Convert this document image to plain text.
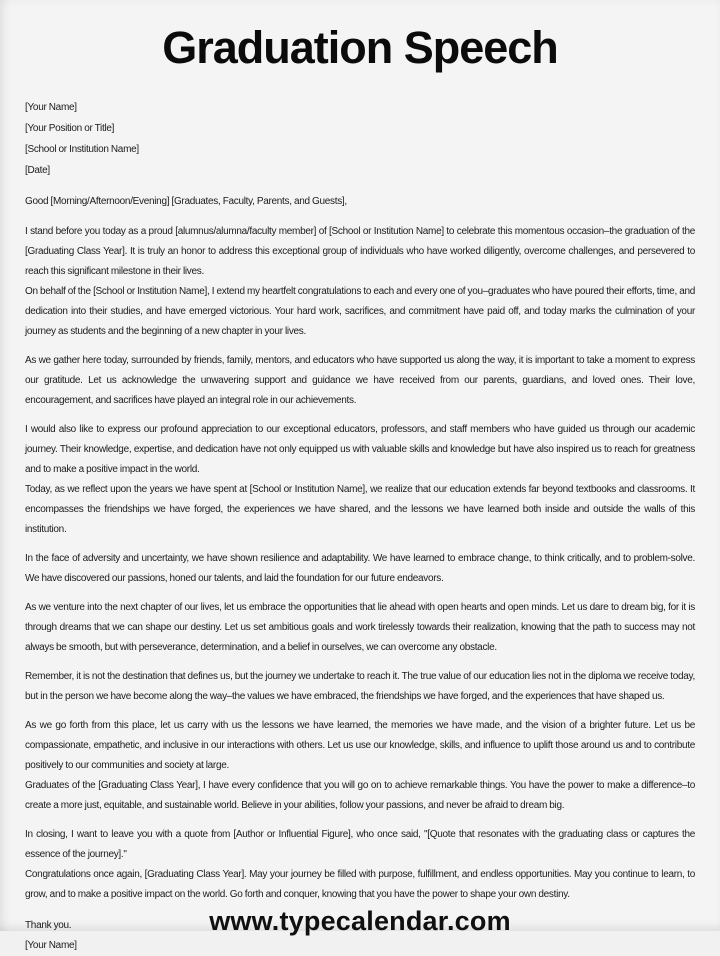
Graduation Speech

[Your Name]

[Your Position or Title]

[School or Institution Name]

[Date]

Good [Morning/Afternoon/Evening] [Graduates, Faculty, Parents, and Guests],

I stand before you today as a proud [alumnus/alumna/faculty member] of [School or Institution Name] to celebrate this momentous occasion–the graduation of the [Graduating Class Year]. It is truly an honor to address this exceptional group of individuals who have worked diligently, overcome challenges, and persevered to reach this significant milestone in their lives.

On behalf of the [School or Institution Name], I extend my heartfelt congratulations to each and every one of you–graduates who have poured their efforts, time, and dedication into their studies, and have emerged victorious. Your hard work, sacrifices, and commitment have paid off, and today marks the culmination of your journey as students and the beginning of a new chapter in your lives.

As we gather here today, surrounded by friends, family, mentors, and educators who have supported us along the way, it is important to take a moment to express our gratitude. Let us acknowledge the unwavering support and guidance we have received from our parents, guardians, and loved ones. Their love, encouragement, and sacrifices have played an integral role in our achievements.

I would also like to express our profound appreciation to our exceptional educators, professors, and staff members who have guided us through our academic journey. Their knowledge, expertise, and dedication have not only equipped us with valuable skills and knowledge but have also inspired us to reach for greatness and to make a positive impact in the world.

Today, as we reflect upon the years we have spent at [School or Institution Name], we realize that our education extends far beyond textbooks and classrooms. It encompasses the friendships we have forged, the experiences we have shared, and the lessons we have learned both inside and outside the walls of this institution.

In the face of adversity and uncertainty, we have shown resilience and adaptability. We have learned to embrace change, to think critically, and to problem-solve. We have discovered our passions, honed our talents, and laid the foundation for our future endeavors.

As we venture into the next chapter of our lives, let us embrace the opportunities that lie ahead with open hearts and open minds. Let us dare to dream big, for it is through dreams that we can shape our destiny. Let us set ambitious goals and work tirelessly towards their realization, knowing that the path to success may not always be smooth, but with perseverance, determination, and a belief in ourselves, we can overcome any obstacle.

Remember, it is not the destination that defines us, but the journey we undertake to reach it. The true value of our education lies not in the diploma we receive today, but in the person we have become along the way–the values we have embraced, the friendships we have forged, and the experiences that have shaped us.

As we go forth from this place, let us carry with us the lessons we have learned, the memories we have made, and the vision of a brighter future. Let us be compassionate, empathetic, and inclusive in our interactions with others. Let us use our knowledge, skills, and influence to uplift those around us and to contribute positively to our communities and society at large.

Graduates of the [Graduating Class Year], I have every confidence that you will go on to achieve remarkable things. You have the power to make a difference–to create a more just, equitable, and sustainable world. Believe in your abilities, follow your passions, and never be afraid to dream big.

In closing, I want to leave you with a quote from [Author or Influential Figure], who once said, "[Quote that resonates with the graduating class or captures the essence of the journey]."

Congratulations once again, [Graduating Class Year]. May your journey be filled with purpose, fulfillment, and endless opportunities. May you continue to learn, to grow, and to make a positive impact on the world. Go forth and conquer, knowing that you have the power to shape your own destiny.

Thank you.

[Your Name]

www.typecalendar.com
